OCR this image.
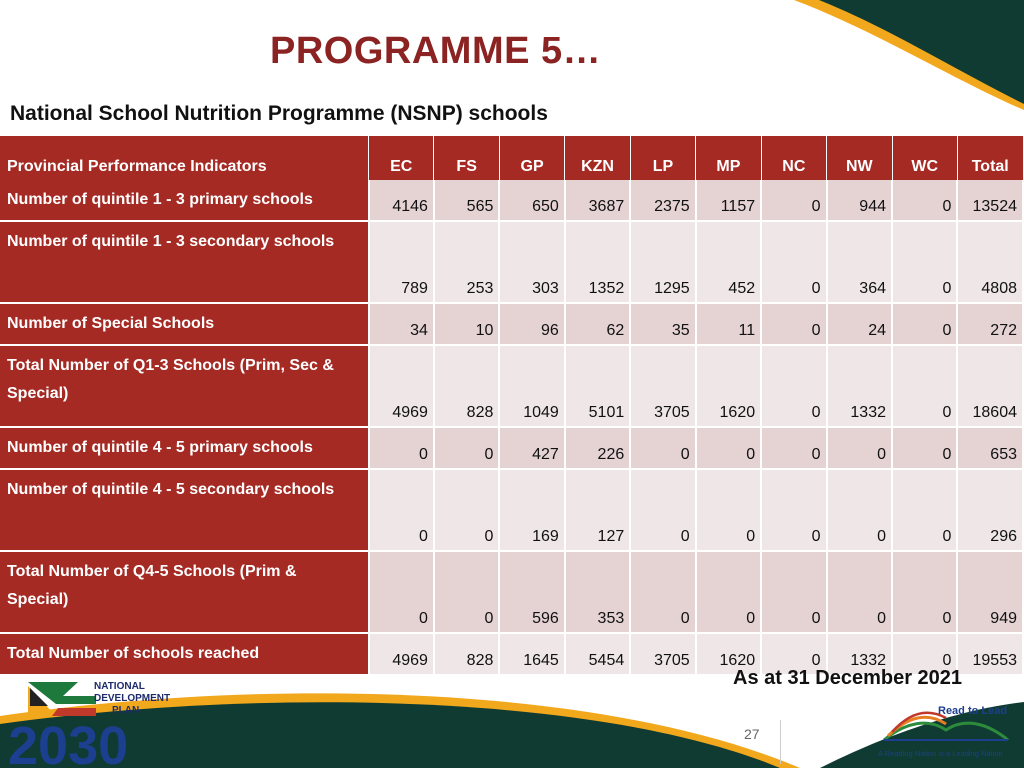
PROGRAMME 5…
National School Nutrition Programme (NSNP) schools
Provincial Performance Indicators	EC	FS	GP	KZN	LP	MP	NC	NW	WC	Total
Number of quintile 1 - 3 primary schools	4146	565	650	3687	2375	1157	0	944	0	13524
Number of quintile 1 - 3 secondary schools	789	253	303	1352	1295	452	0	364	0	4808
Number of Special Schools	34	10	96	62	35	11	0	24	0	272
Total Number of Q1-3 Schools (Prim, Sec & Special)	4969	828	1049	5101	3705	1620	0	1332	0	18604
Number of quintile 4 - 5 primary schools	0	0	427	226	0	0	0	0	0	653
Number of quintile 4 - 5 secondary schools	0	0	169	127	0	0	0	0	0	296
Total Number of Q4-5 Schools (Prim & Special)	0	0	596	353	0	0	0	0	0	949
Total Number of schools reached	4969	828	1645	5454	3705	1620	0	1332	0	19553
As at 31 December 2021
27
NATIONAL
DEVELOPMENT
PLAN
2030
Read to Lead
A Reading Nation is a Leading Nation
